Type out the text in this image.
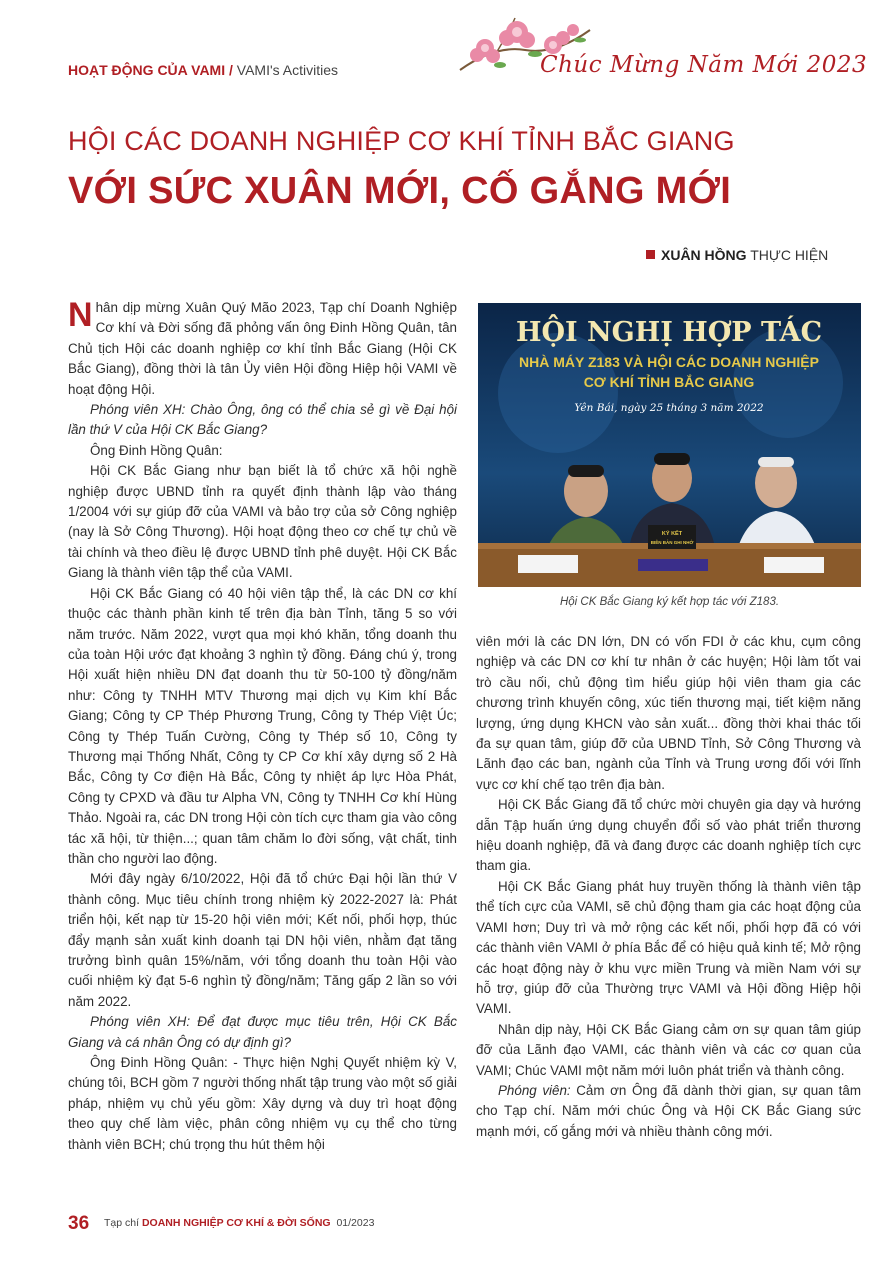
HOẠT ĐỘNG CỦA VAMI / VAMI's Activities	Chúc Mừng Năm Mới 2023
HỘI CÁC DOANH NGHIỆP CƠ KHÍ TỈNH BẮC GIANG
VỚI SỨC XUÂN MỚI, CỐ GẮNG MỚI
XUÂN HỒNG THỰC HIỆN

Nhân dịp mừng Xuân Quý Mão 2023, Tạp chí Doanh Nghiệp Cơ khí và Đời sống đã phỏng vấn ông Đinh Hồng Quân, tân Chủ tịch Hội các doanh nghiệp cơ khí tỉnh Bắc Giang (Hội CK Bắc Giang), đồng thời là tân Ủy viên Hội đồng Hiệp hội VAMI về hoạt động Hội.

Phóng viên XH: Chào Ông, ông có thể chia sẻ gì về Đại hội lần thứ V của Hội CK Bắc Giang?

Ông Đinh Hồng Quân:

Hội CK Bắc Giang như bạn biết là tổ chức xã hội nghề nghiệp được UBND tỉnh ra quyết định thành lập vào tháng 1/2004 với sự giúp đỡ của VAMI và bảo trợ của sở Công nghiệp (nay là Sở Công Thương). Hội hoạt động theo cơ chế tự chủ về tài chính và theo điều lệ được UBND tỉnh phê duyệt. Hội CK Bắc Giang là thành viên tập thể của VAMI.

Hội CK Bắc Giang có 40 hội viên tập thể, là các DN cơ khí thuộc các thành phần kinh tế trên địa bàn Tỉnh, tăng 5 so với năm trước. Năm 2022, vượt qua mọi khó khăn, tổng doanh thu của toàn Hội ước đạt khoảng 3 nghìn tỷ đồng. Đáng chú ý, trong Hội xuất hiện nhiều DN đạt doanh thu từ 50-100 tỷ đồng/năm như: Công ty TNHH MTV Thương mại dịch vụ Kim khí Bắc Giang; Công ty CP Thép Phương Trung, Công ty Thép Việt Úc; Công ty Thép Tuấn Cường, Công ty Thép số 10, Công ty Thương mại Thống Nhất, Công ty CP Cơ khí xây dựng số 2 Hà Bắc, Công ty Cơ điện Hà Bắc, Công ty nhiệt áp lực Hòa Phát, Công ty CPXD và đầu tư Alpha VN, Công ty TNHH Cơ khí Hùng Thảo. Ngoài ra, các DN trong Hội còn tích cực tham gia vào công tác xã hội, từ thiện...; quan tâm chăm lo đời sống, vật chất, tinh thần cho người lao động.

Mới đây ngày 6/10/2022, Hội đã tổ chức Đại hội lần thứ V thành công. Mục tiêu chính trong nhiệm kỳ 2022-2027 là: Phát triển hội, kết nạp từ 15-20 hội viên mới; Kết nối, phối hợp, thúc đẩy mạnh sản xuất kinh doanh tại DN hội viên, nhằm đạt tăng trưởng bình quân 15%/năm, với tổng doanh thu toàn Hội vào cuối nhiệm kỳ đạt 5-6 nghìn tỷ đồng/năm; Tăng gấp 2 lần so với năm 2022.

Phóng viên XH: Để đạt được mục tiêu trên, Hội CK Bắc Giang và cá nhân Ông có dự định gì?

Ông Đinh Hồng Quân: - Thực hiện Nghị Quyết nhiệm kỳ V, chúng tôi, BCH gồm 7 người thống nhất tập trung vào một số giải pháp, nhiệm vụ chủ yếu gồm: Xây dựng và duy trì hoạt động theo quy chế làm việc, phân công nhiệm vụ cụ thể cho từng thành viên BCH; chú trọng thu hút thêm hội

HỘI NGHỊ HỢP TÁC
NHÀ MÁY Z183 VÀ HỘI CÁC DOANH NGHIỆP
CƠ KHÍ TỈNH BẮC GIANG
Yên Bái, ngày 25 tháng 3 năm 2022
KÝ KẾT
BIÊN BẢN GHI NHỚ
Hội CK Bắc Giang ký kết hợp tác với Z183.

viên mới là các DN lớn, DN có vốn FDI ở các khu, cụm công nghiệp và các DN cơ khí tư nhân ở các huyện; Hội làm tốt vai trò cầu nối, chủ động tìm hiểu giúp hội viên tham gia các chương trình khuyến công, xúc tiến thương mại, tiết kiệm năng lượng, ứng dụng KHCN vào sản xuất... đồng thời khai thác tối đa sự quan tâm, giúp đỡ của UBND Tỉnh, Sở Công Thương và Lãnh đạo các ban, ngành của Tỉnh và Trung ương đối với lĩnh vực cơ khí chế tạo trên địa bàn.

Hội CK Bắc Giang đã tổ chức mời chuyên gia dạy và hướng dẫn Tập huấn ứng dụng chuyển đổi số vào phát triển thương hiệu doanh nghiệp, đã và đang được các doanh nghiệp tích cực tham gia.

Hội CK Bắc Giang phát huy truyền thống là thành viên tập thể tích cực của VAMI, sẽ chủ động tham gia các hoạt động của VAMI hơn; Duy trì và mở rộng các kết nối, phối hợp đã có với các thành viên VAMI ở phía Bắc để có hiệu quả kinh tế; Mở rộng các hoạt động này ở khu vực miền Trung và miền Nam với sự hỗ trợ, giúp đỡ của Thường trực VAMI và Hội đồng Hiệp hội VAMI.

Nhân dịp này, Hội CK Bắc Giang cảm ơn sự quan tâm giúp đỡ của Lãnh đạo VAMI, các thành viên và các cơ quan của VAMI; Chúc VAMI một năm mới luôn phát triển và thành công.

Phóng viên: Cảm ơn Ông đã dành thời gian, sự quan tâm cho Tạp chí. Năm mới chúc Ông và Hội CK Bắc Giang sức mạnh mới, cố gắng mới và nhiều thành công mới.

36 Tạp chí DOANH NGHIỆP CƠ KHÍ & ĐỜI SỐNG 01/2023
